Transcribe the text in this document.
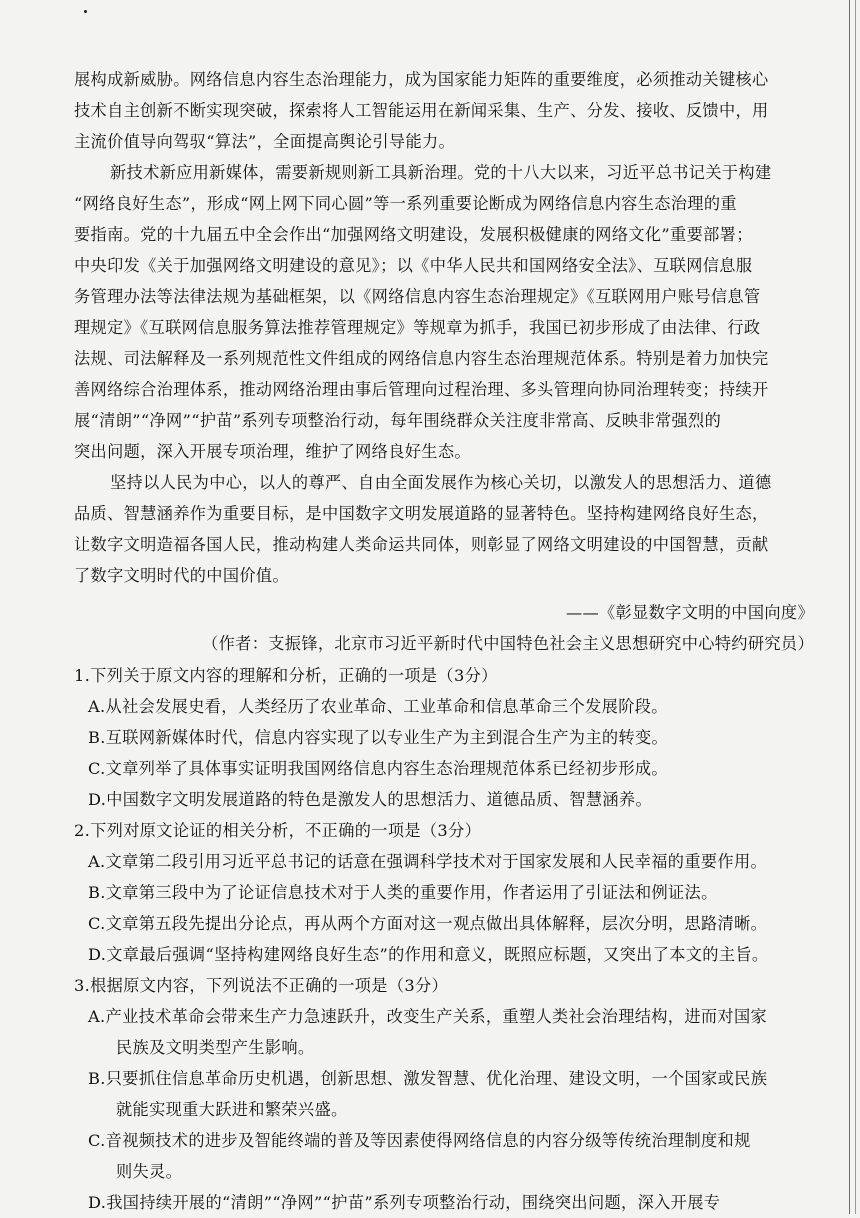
展构成新威胁。网络信息内容生态治理能力，成为国家能力矩阵的重要维度，必须推动关键核心
技术自主创新不断实现突破，探索将人工智能运用在新闻采集、生产、分发、接收、反馈中，用
主流价值导向驾驭“算法”，全面提高舆论引导能力。
新技术新应用新媒体，需要新规则新工具新治理。党的十八大以来，习近平总书记关于构建
“网络良好生态”，形成“网上网下同心圆”等一系列重要论断成为网络信息内容生态治理的重
要指南。党的十九届五中全会作出“加强网络文明建设，发展积极健康的网络文化”重要部署；
中央印发《关于加强网络文明建设的意见》；以《中华人民共和国网络安全法》、互联网信息服
务管理办法等法律法规为基础框架，以《网络信息内容生态治理规定》《互联网用户账号信息管
理规定》《互联网信息服务算法推荐管理规定》等规章为抓手，我国已初步形成了由法律、行政
法规、司法解释及一系列规范性文件组成的网络信息内容生态治理规范体系。特别是着力加快完
善网络综合治理体系，推动网络治理由事后管理向过程治理、多头管理向协同治理转变；持续开
展“清朗”“净网”“护苗”系列专项整治行动，每年围绕群众关注度非常高、反映非常强烈的
突出问题，深入开展专项治理，维护了网络良好生态。
坚持以人民为中心，以人的尊严、自由全面发展作为核心关切，以激发人的思想活力、道德
品质、智慧涵养作为重要目标，是中国数字文明发展道路的显著特色。坚持构建网络良好生态，
让数字文明造福各国人民，推动构建人类命运共同体，则彰显了网络文明建设的中国智慧，贡献
了数字文明时代的中国价值。
——《彰显数字文明的中国向度》
（作者：支振锋，北京市习近平新时代中国特色社会主义思想研究中心特约研究员）
1.下列关于原文内容的理解和分析，正确的一项是（3分）
A.从社会发展史看，人类经历了农业革命、工业革命和信息革命三个发展阶段。
B.互联网新媒体时代，信息内容实现了以专业生产为主到混合生产为主的转变。
C.文章列举了具体事实证明我国网络信息内容生态治理规范体系已经初步形成。
D.中国数字文明发展道路的特色是激发人的思想活力、道德品质、智慧涵养。
2.下列对原文论证的相关分析，不正确的一项是（3分）
A.文章第二段引用习近平总书记的话意在强调科学技术对于国家发展和人民幸福的重要作用。
B.文章第三段中为了论证信息技术对于人类的重要作用，作者运用了引证法和例证法。
C.文章第五段先提出分论点，再从两个方面对这一观点做出具体解释，层次分明，思路清晰。
D.文章最后强调“坚持构建网络良好生态”的作用和意义，既照应标题，又突出了本文的主旨。
3.根据原文内容，下列说法不正确的一项是（3分）
A.产业技术革命会带来生产力急速跃升，改变生产关系，重塑人类社会治理结构，进而对国家
民族及文明类型产生影响。
B.只要抓住信息革命历史机遇，创新思想、激发智慧、优化治理、建设文明，一个国家或民族
就能实现重大跃进和繁荣兴盛。
C.音视频技术的进步及智能终端的普及等因素使得网络信息的内容分级等传统治理制度和规
则失灵。
D.我国持续开展的“清朗”“净网”“护苗”系列专项整治行动，围绕突出问题，深入开展专
